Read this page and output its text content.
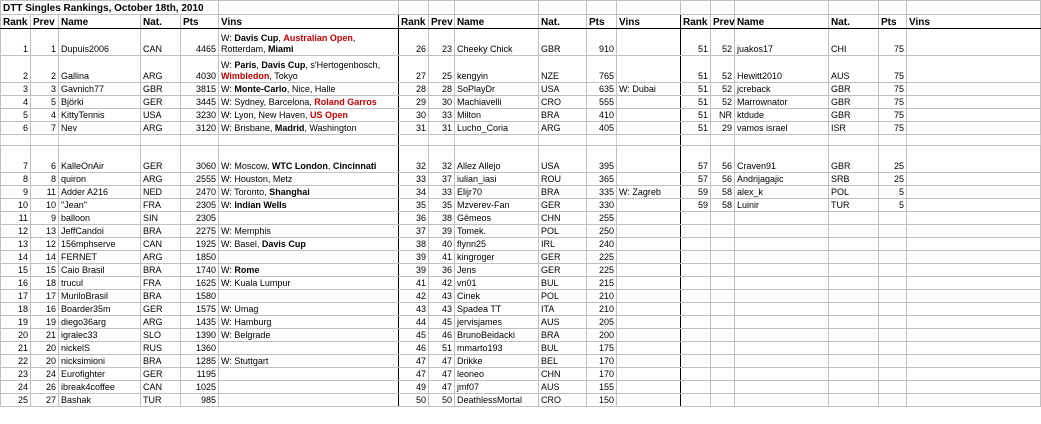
DTT Singles Rankings, October 18th, 2010																	
Rank	Prev	Name	Nat.	Pts	Vins	Rank	Prev	Name	Nat.	Pts	Vins	Rank	Prev	Name	Nat.	Pts	Vins
1	1	Dupuis2006	CAN	4465	W: Davis Cup, Australian Open, Rotterdam, Miami	26	23	Cheeky Chick	GBR	910		51	52	juakos17	CHI	75	
2	2	Gallina	ARG	4030	W: Paris, Davis Cup, s'Hertogenbosch, Wimbledon, Tokyo	27	25	kengyin	NZE	765		51	52	Hewitt2010	AUS	75	
3	3	Gavnich77	GBR	3815	W: Monte-Carlo, Nice, Halle	28	28	SoPlayDr	USA	635	W: Dubai	51	52	jcreback	GBR	75	
4	5	Björki	GER	3445	W: Sydney, Barcelona, Roland Garros	29	30	Machiavelli	CRO	555		51	52	Marrownator	GBR	75	
5	4	KittyTennis	USA	3230	W: Lyon, New Haven, US Open	30	33	Milton	BRA	410		51	NR	ktdude	GBR	75	
6	7	Nev	ARG	3120	W: Brisbane, Madrid, Washington	31	31	Lucho_Coria	ARG	405		51	29	vamos israel	ISR	75	

7	6	KalleOnAir	GER	3060	W: Moscow, WTC London, Cincinnati	32	32	Allez Allejo	USA	395		57	56	Craven91	GBR	25	
8	8	quiron	ARG	2555	W: Houston, Metz	33	37	iulian_iasi	ROU	365		57	56	Andrijagajic	SRB	25	
9	11	Adder A216	NED	2470	W: Toronto, Shanghai	34	33	Elijr70	BRA	335	W: Zagreb	59	58	alex_k	POL	5	
10	10	"Jean"	FRA	2305	W: Indian Wells	35	35	Mzverev-Fan	GER	330		59	58	Luinir	TUR	5	
11	9	balloon	SIN	2305		36	38	Gêmeos	CHN	255							
12	13	JeffCandoi	BRA	2275	W: Memphis	37	39	Tomek.	POL	250							
13	12	156mphserve	CAN	1925	W: Basel, Davis Cup	38	40	flynn25	IRL	240							
14	14	FERNET	ARG	1850		39	41	kingroger	GER	225							
15	15	Caio Brasil	BRA	1740	W: Rome	39	36	Jens	GER	225							
16	18	trucul	FRA	1625	W: Kuala Lumpur	41	42	vn01	BUL	215							
17	17	MuriloBrasil	BRA	1580		42	43	Cinek	POL	210							
18	16	Boarder35m	GER	1575	W: Umag	43	43	Spadea TT	ITA	210							
19	19	diego36arg	ARG	1435	W: Hamburg	44	45	jervisjames	AUS	205							
20	21	igralec33	SLO	1390	W: Belgrade	45	46	BrunoBeidacki	BRA	200							
21	20	nickelS	RUS	1360		46	51	mmarto193	BUL	175							
22	20	nicksimioni	BRA	1285	W: Stuttgart	47	47	Drikke	BEL	170							
23	24	Eurofighter	GER	1195		47	47	leoneo	CHN	170							
24	26	ibreak4coffee	CAN	1025		49	47	jmf07	AUS	155							
25	27	Bashak	TUR	985		50	50	DeathlessMortal	CRO	150							
